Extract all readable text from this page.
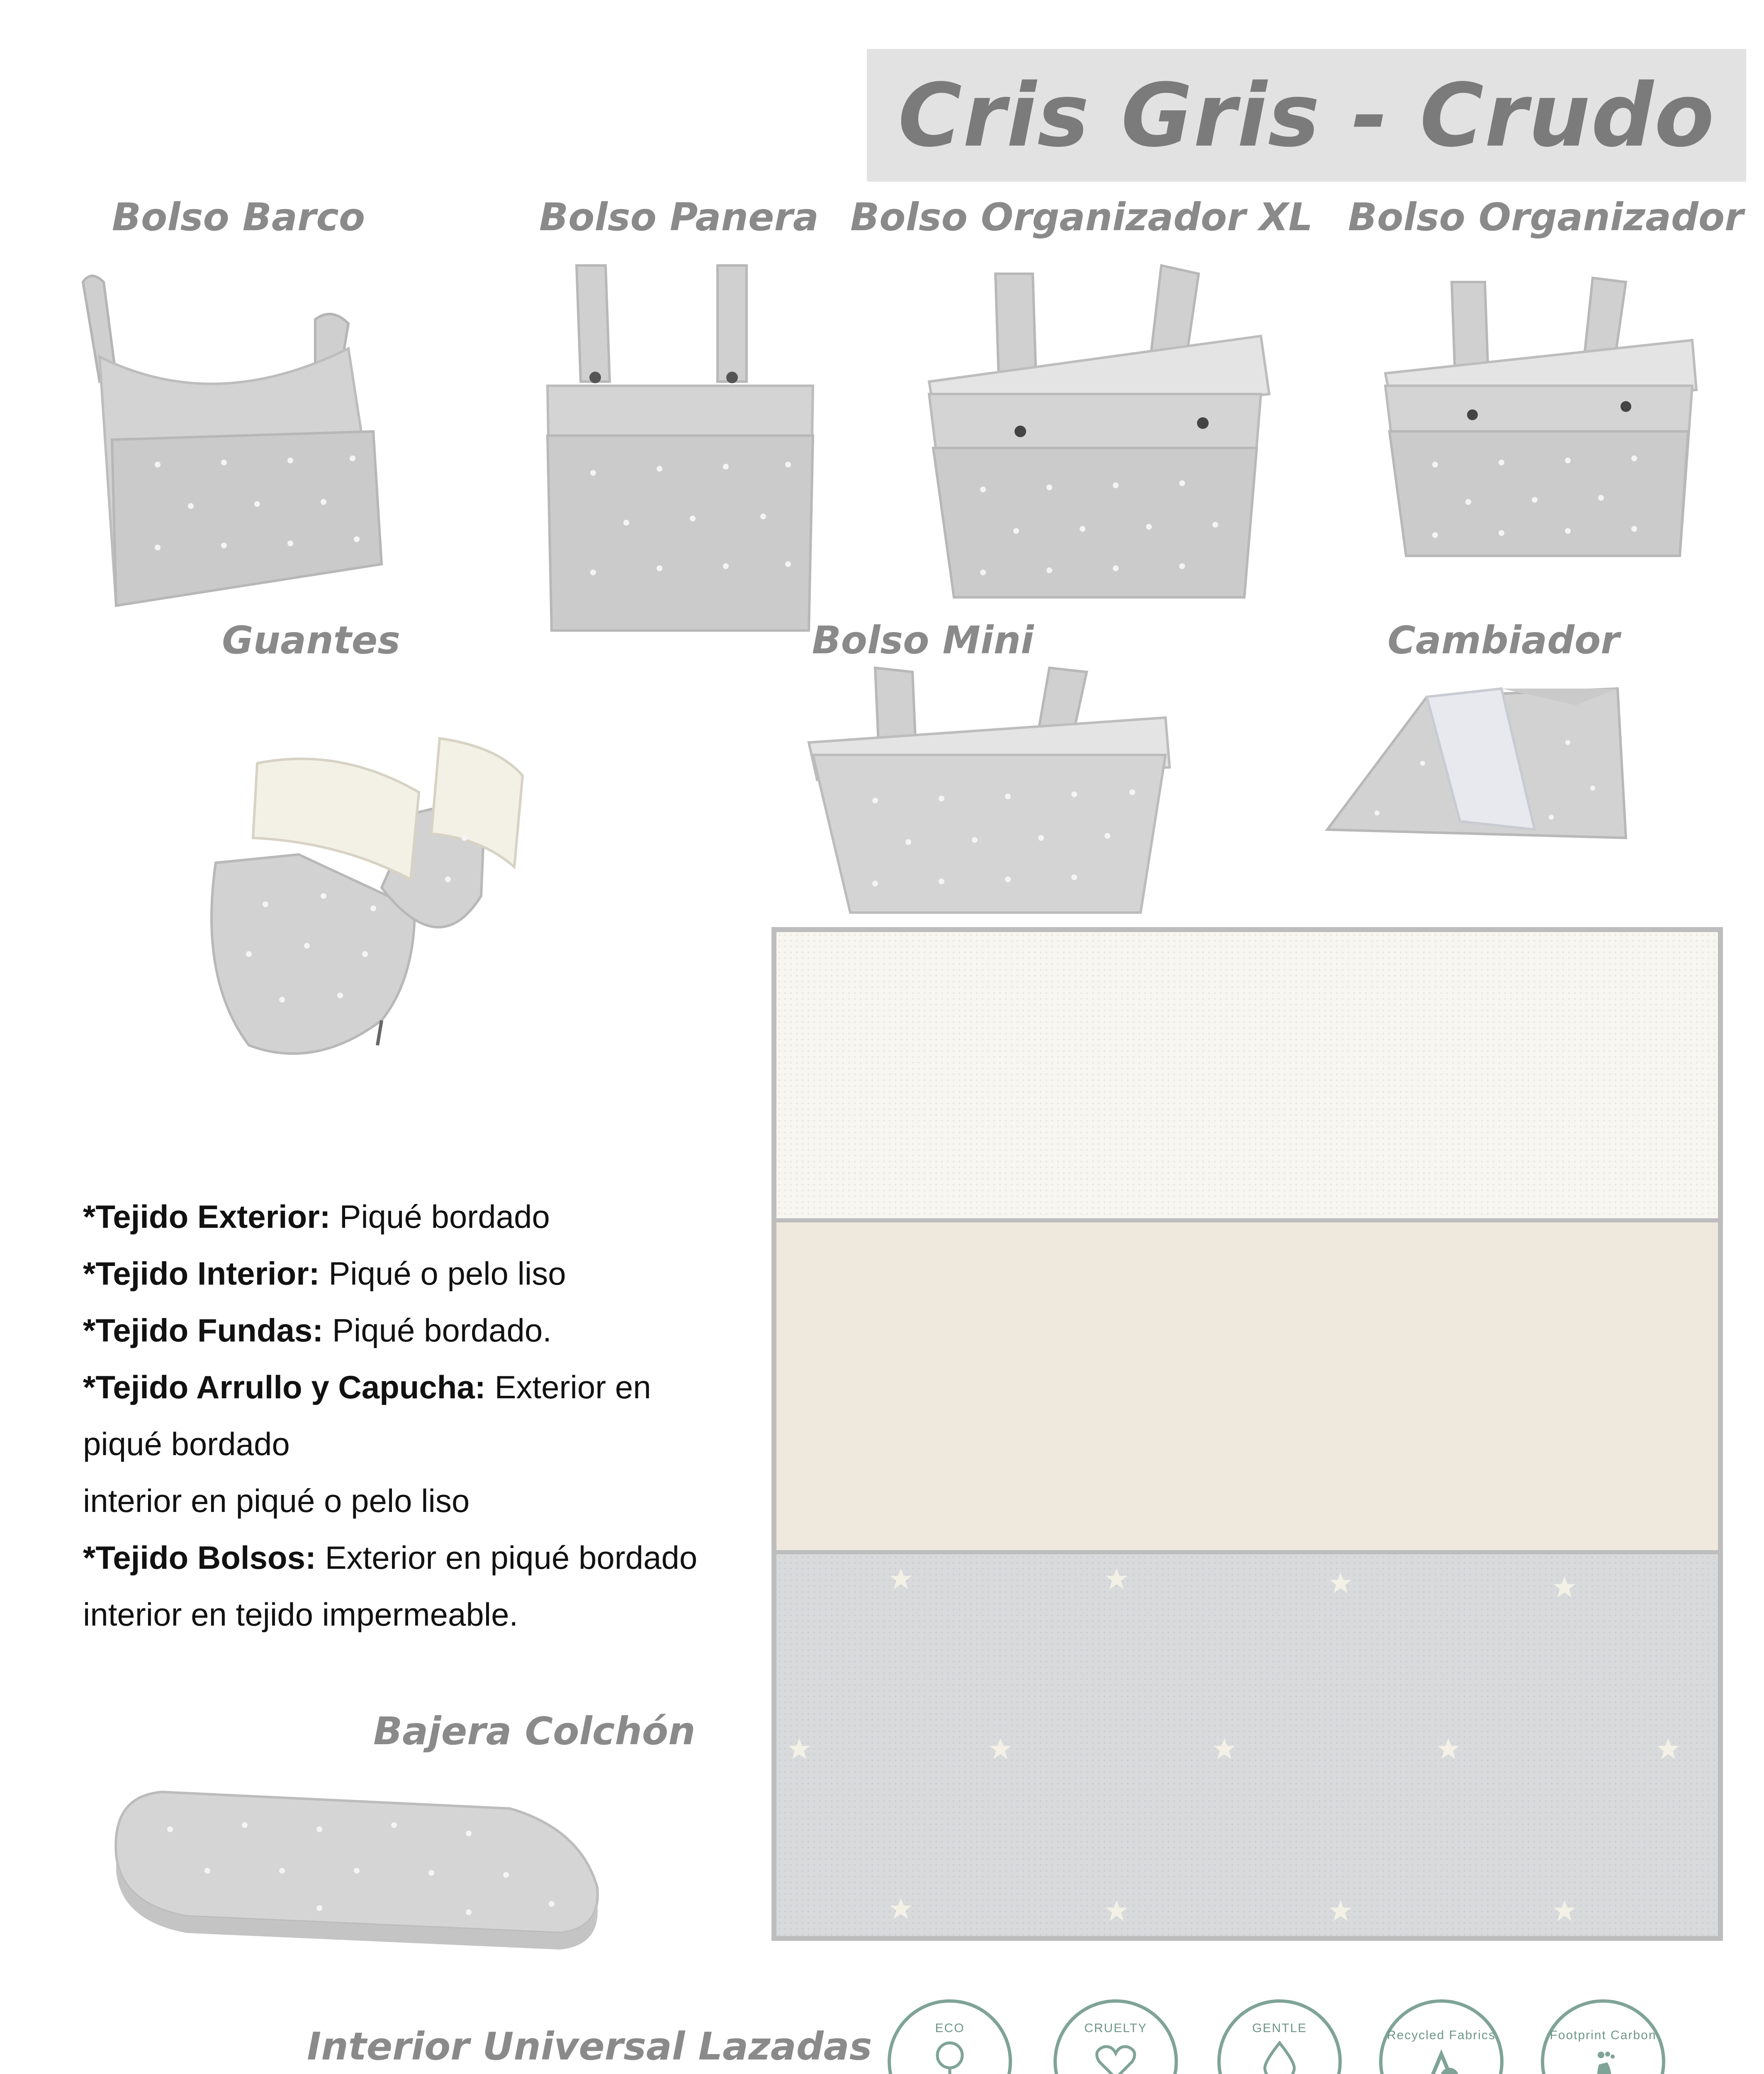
Cris Gris - Crudo
Bolso Barco	Bolso Panera Bolso Organizador XL Bolso Organizador
Guantes	Bolso Mini	Cambiador
*Tejido Exterior: Piqué bordado
*Tejido Interior: Piqué o pelo liso
*Tejido Fundas: Piqué bordado.
*Tejido Arrullo y Capucha: Exterior en
piqué bordado
interior en piqué o pelo liso
*Tejido Bolsos: Exterior en piqué bordado
interior en tejido impermeable.
Bajera Colchón
Interior Universal Lazadas	ECO	CRUELTY	GENTLE
Recycled Fabrics	Footprint Carbon
